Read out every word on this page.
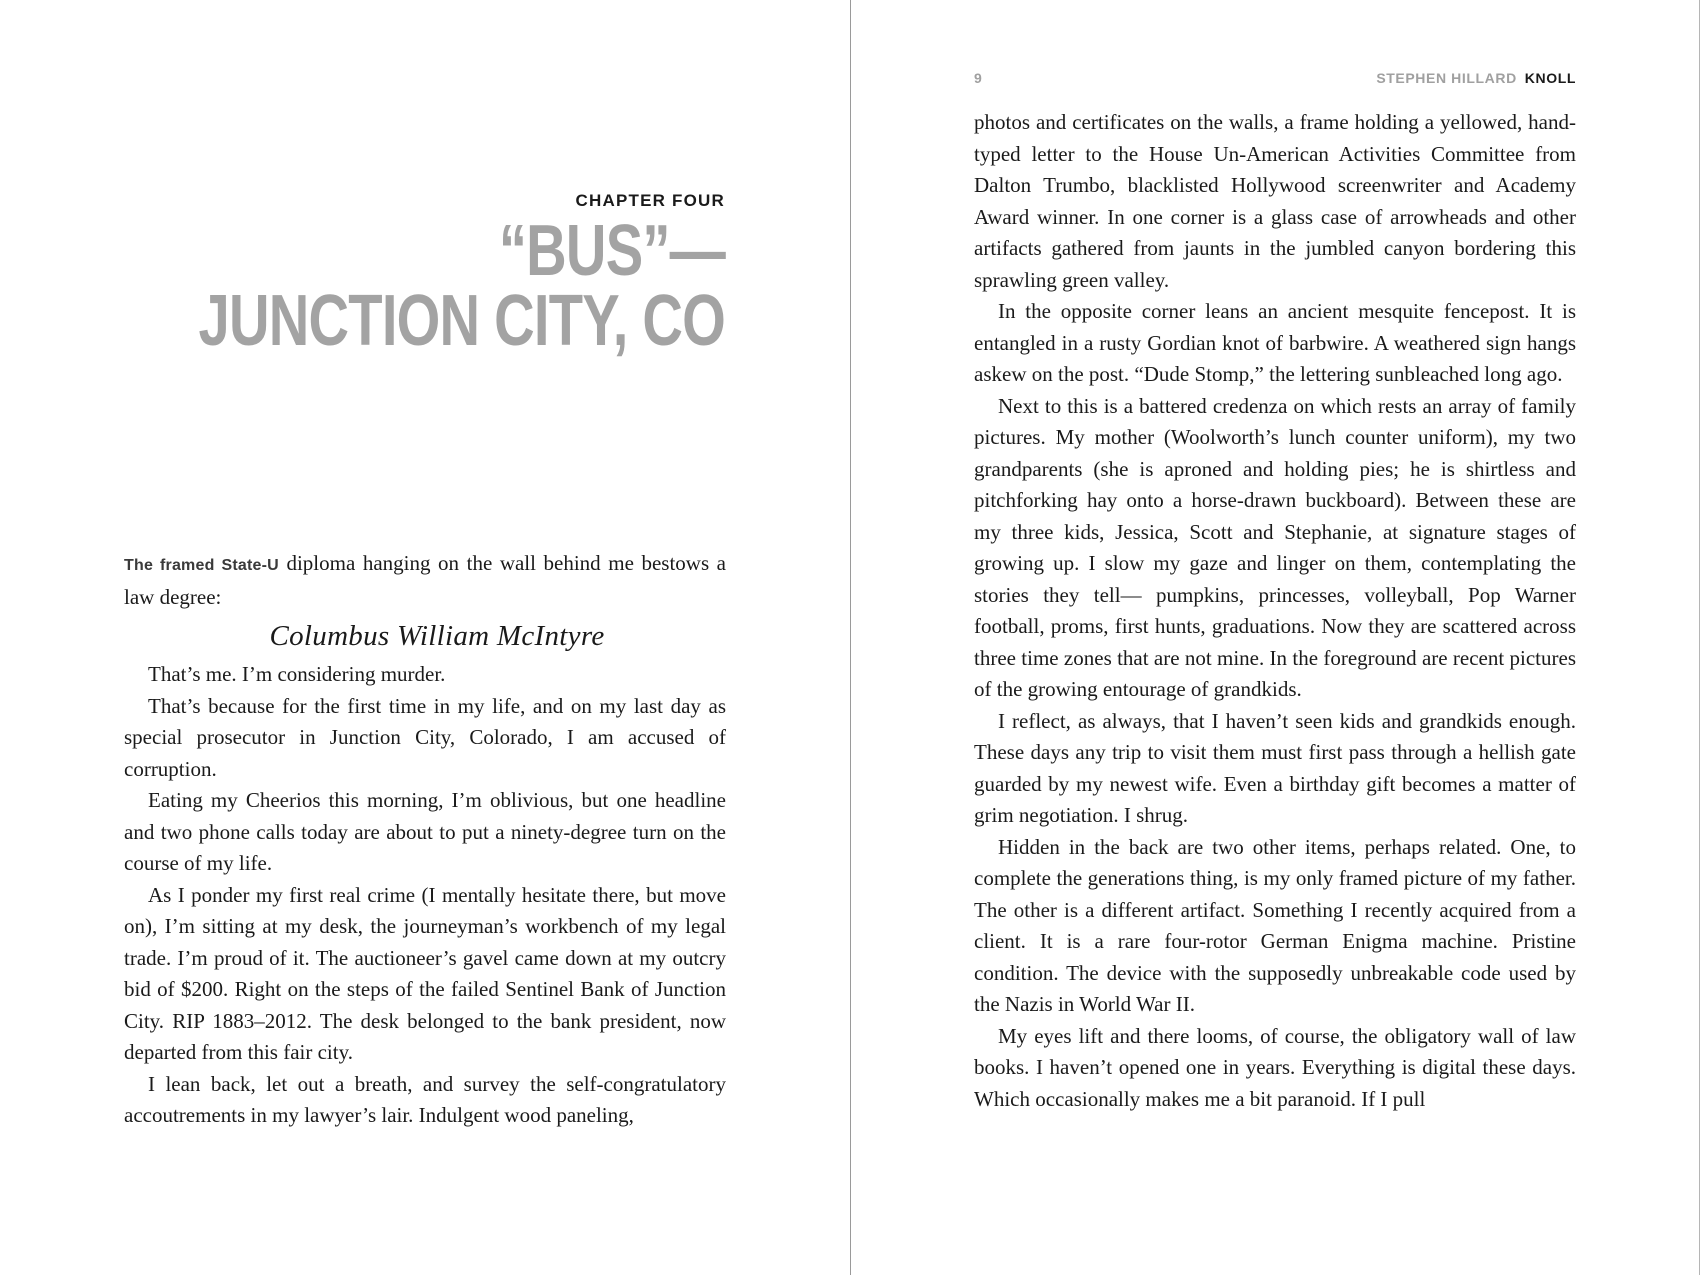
CHAPTER FOUR
“BUS”—
JUNCTION CITY, CO

The framed State-U diploma hanging on the wall behind me bestows a law degree:

Columbus William McIntyre

That’s me. I’m considering murder.

That’s because for the first time in my life, and on my last day as special prosecutor in Junction City, Colorado, I am accused of corruption.

Eating my Cheerios this morning, I’m oblivious, but one headline and two phone calls today are about to put a ninety-degree turn on the course of my life.

As I ponder my first real crime (I mentally hesitate there, but move on), I’m sitting at my desk, the journeyman’s workbench of my legal trade. I’m proud of it. The auctioneer’s gavel came down at my outcry bid of $200. Right on the steps of the failed Sentinel Bank of Junction City. RIP 1883–2012. The desk belonged to the bank president, now departed from this fair city.

I lean back, let out a breath, and survey the self-congratulatory accoutrements in my lawyer’s lair. Indulgent wood paneling,

9	STEPHEN HILLARD KNOLL

photos and certificates on the walls, a frame holding a yellowed, hand-typed letter to the House Un-American Activities Committee from Dalton Trumbo, blacklisted Hollywood screenwriter and Academy Award winner. In one corner is a glass case of arrowheads and other artifacts gathered from jaunts in the jumbled canyon bordering this sprawling green valley.

In the opposite corner leans an ancient mesquite fencepost. It is entangled in a rusty Gordian knot of barbwire. A weathered sign hangs askew on the post. “Dude Stomp,” the lettering sunbleached long ago.

Next to this is a battered credenza on which rests an array of family pictures. My mother (Woolworth’s lunch counter uniform), my two grandparents (she is aproned and holding pies; he is shirtless and pitchforking hay onto a horse-drawn buckboard). Between these are my three kids, Jessica, Scott and Stephanie, at signature stages of growing up. I slow my gaze and linger on them, contemplating the stories they tell— pumpkins, princesses, volleyball, Pop Warner football, proms, first hunts, graduations. Now they are scattered across three time zones that are not mine. In the foreground are recent pictures of the growing entourage of grandkids.

I reflect, as always, that I haven’t seen kids and grandkids enough. These days any trip to visit them must first pass through a hellish gate guarded by my newest wife. Even a birthday gift becomes a matter of grim negotiation. I shrug.

Hidden in the back are two other items, perhaps related. One, to complete the generations thing, is my only framed picture of my father. The other is a different artifact. Something I recently acquired from a client. It is a rare four-rotor German Enigma machine. Pristine condition. The device with the supposedly unbreakable code used by the Nazis in World War II.

My eyes lift and there looms, of course, the obligatory wall of law books. I haven’t opened one in years. Everything is digital these days. Which occasionally makes me a bit paranoid. If I pull
